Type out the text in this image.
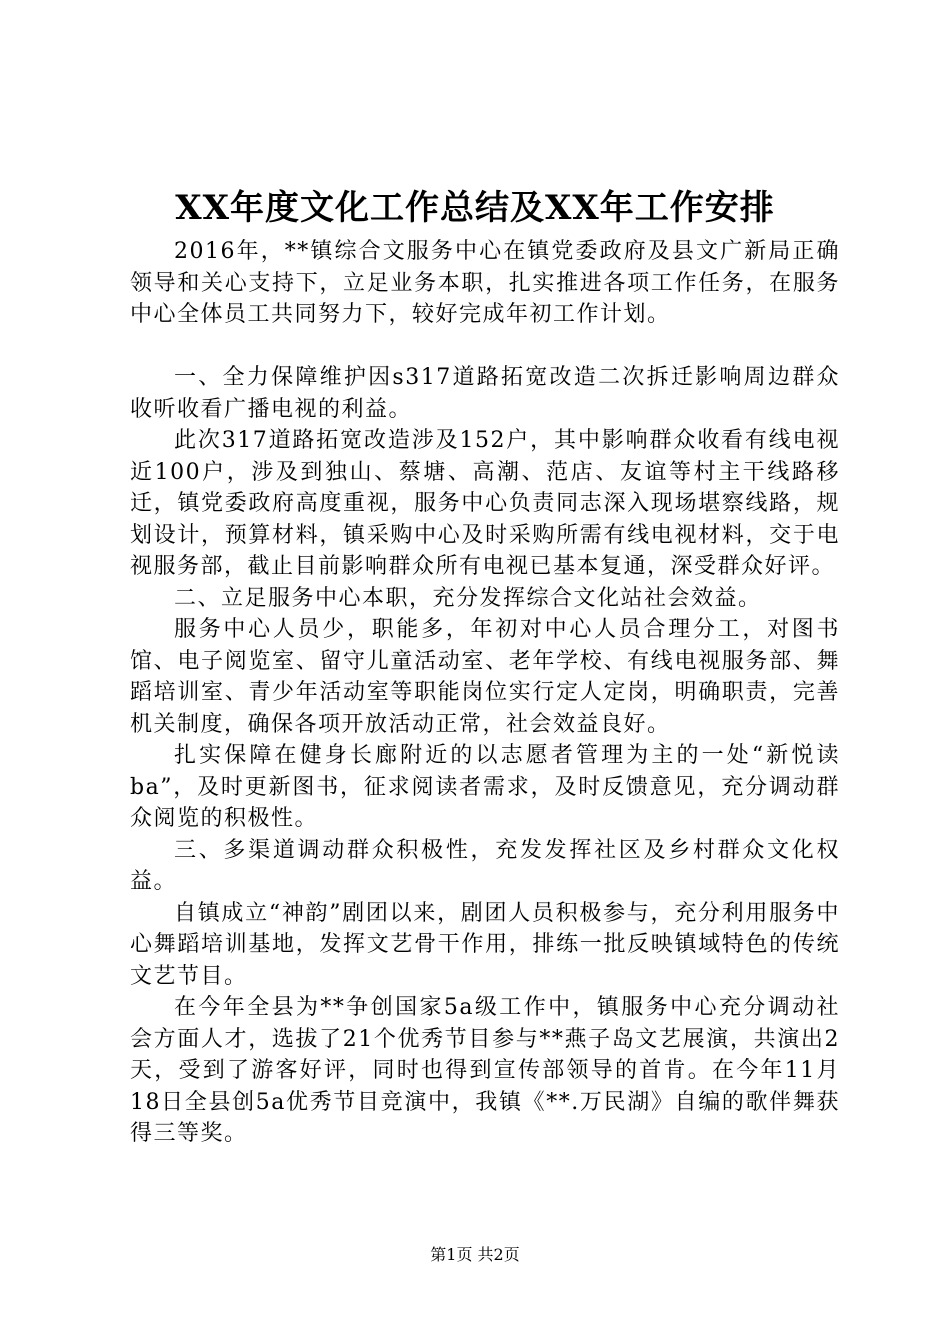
XX年度文化工作总结及XX年工作安排

2016年，**镇综合文服务中心在镇党委政府及县文广新局正确领导和关心支持下，立足业务本职，扎实推进各项工作任务，在服务中心全体员工共同努力下，较好完成年初工作计划。

一、全力保障维护因s317道路拓宽改造二次拆迁影响周边群众收听收看广播电视的利益。

此次317道路拓宽改造涉及152户，其中影响群众收看有线电视近100户，涉及到独山、蔡塘、高潮、范店、友谊等村主干线路移迁，镇党委政府高度重视，服务中心负责同志深入现场堪察线路，规划设计，预算材料，镇采购中心及时采购所需有线电视材料，交于电视服务部，截止目前影响群众所有电视已基本复通，深受群众好评。

二、立足服务中心本职，充分发挥综合文化站社会效益。

服务中心人员少，职能多，年初对中心人员合理分工，对图书馆、电子阅览室、留守儿童活动室、老年学校、有线电视服务部、舞蹈培训室、青少年活动室等职能岗位实行定人定岗，明确职责，完善机关制度，确保各项开放活动正常，社会效益良好。

扎实保障在健身长廊附近的以志愿者管理为主的一处“新悦读ba”，及时更新图书，征求阅读者需求，及时反馈意见，充分调动群众阅览的积极性。

三、多渠道调动群众积极性，充发发挥社区及乡村群众文化权益。

自镇成立“神韵”剧团以来，剧团人员积极参与，充分利用服务中心舞蹈培训基地，发挥文艺骨干作用，排练一批反映镇域特色的传统文艺节目。

在今年全县为**争创国家5a级工作中，镇服务中心充分调动社会方面人才，选拔了21个优秀节目参与**燕子岛文艺展演，共演出2天，受到了游客好评，同时也得到宣传部领导的首肯。在今年11月18日全县创5a优秀节目竞演中，我镇《**.万民湖》自编的歌伴舞获得三等奖。

第1页 共2页
